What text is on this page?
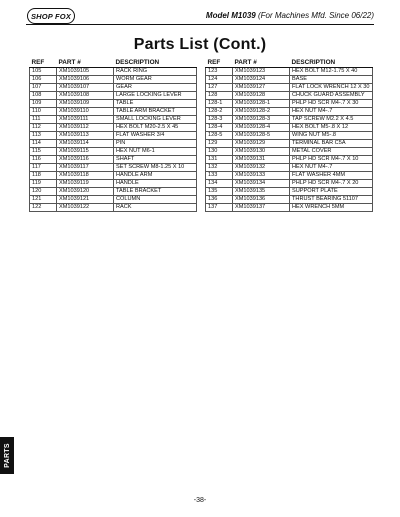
SHOP FOX	Model M1039 (For Machines Mfd. Since 06/22)
Parts List (Cont.)
REF	PART #	DESCRIPTION
105	XM1039105	RACK RING
106	XM1039106	WORM GEAR
107	XM1039107	GEAR
108	XM1039108	LARGE LOCKING LEVER
109	XM1039109	TABLE
110	XM1039110	TABLE ARM BRACKET
111	XM1039111	SMALL LOCKING LEVER
112	XM1039112	HEX BOLT M20-2.5 X 45
113	XM1039113	FLAT WASHER 3/4
114	XM1039114	PIN
115	XM1039115	HEX NUT M6-1
116	XM1039116	SHAFT
117	XM1039117	SET SCREW M8-1.25 X 10
118	XM1039118	HANDLE ARM
119	XM1039119	HANDLE
120	XM1039120	TABLE BRACKET
121	XM1039121	COLUMN
122	XM1039122	RACK
REF	PART #	DESCRIPTION
123	XM1039123	HEX BOLT M12-1.75 X 40
124	XM1039124	BASE
127	XM1039127	FLAT LOCK WRENCH 12 X 30
128	XM1039128	CHUCK GUARD ASSEMBLY
128-1	XM1039128-1	PHLP HD SCR M4-.7 X 30
128-2	XM1039128-2	HEX NUT M4-.7
128-3	XM1039128-3	TAP SCREW M2.2 X 4.5
128-4	XM1039128-4	HEX BOLT M5-.8 X 12
128-5	XM1039128-5	WING NUT M5-.8
129	XM1039129	TERMINAL BAR C5A
130	XM1039130	METAL COVER
131	XM1039131	PHLP HD SCR M4-.7 X 10
132	XM1039132	HEX NUT M4-.7
133	XM1039133	FLAT WASHER 4MM
134	XM1039134	PHLP HD SCR M4-.7 X 20
135	XM1039135	SUPPORT PLATE
136	XM1039136	THRUST BEARING 51107
137	XM1039137	HEX WRENCH 5MM
PARTS
-38-
